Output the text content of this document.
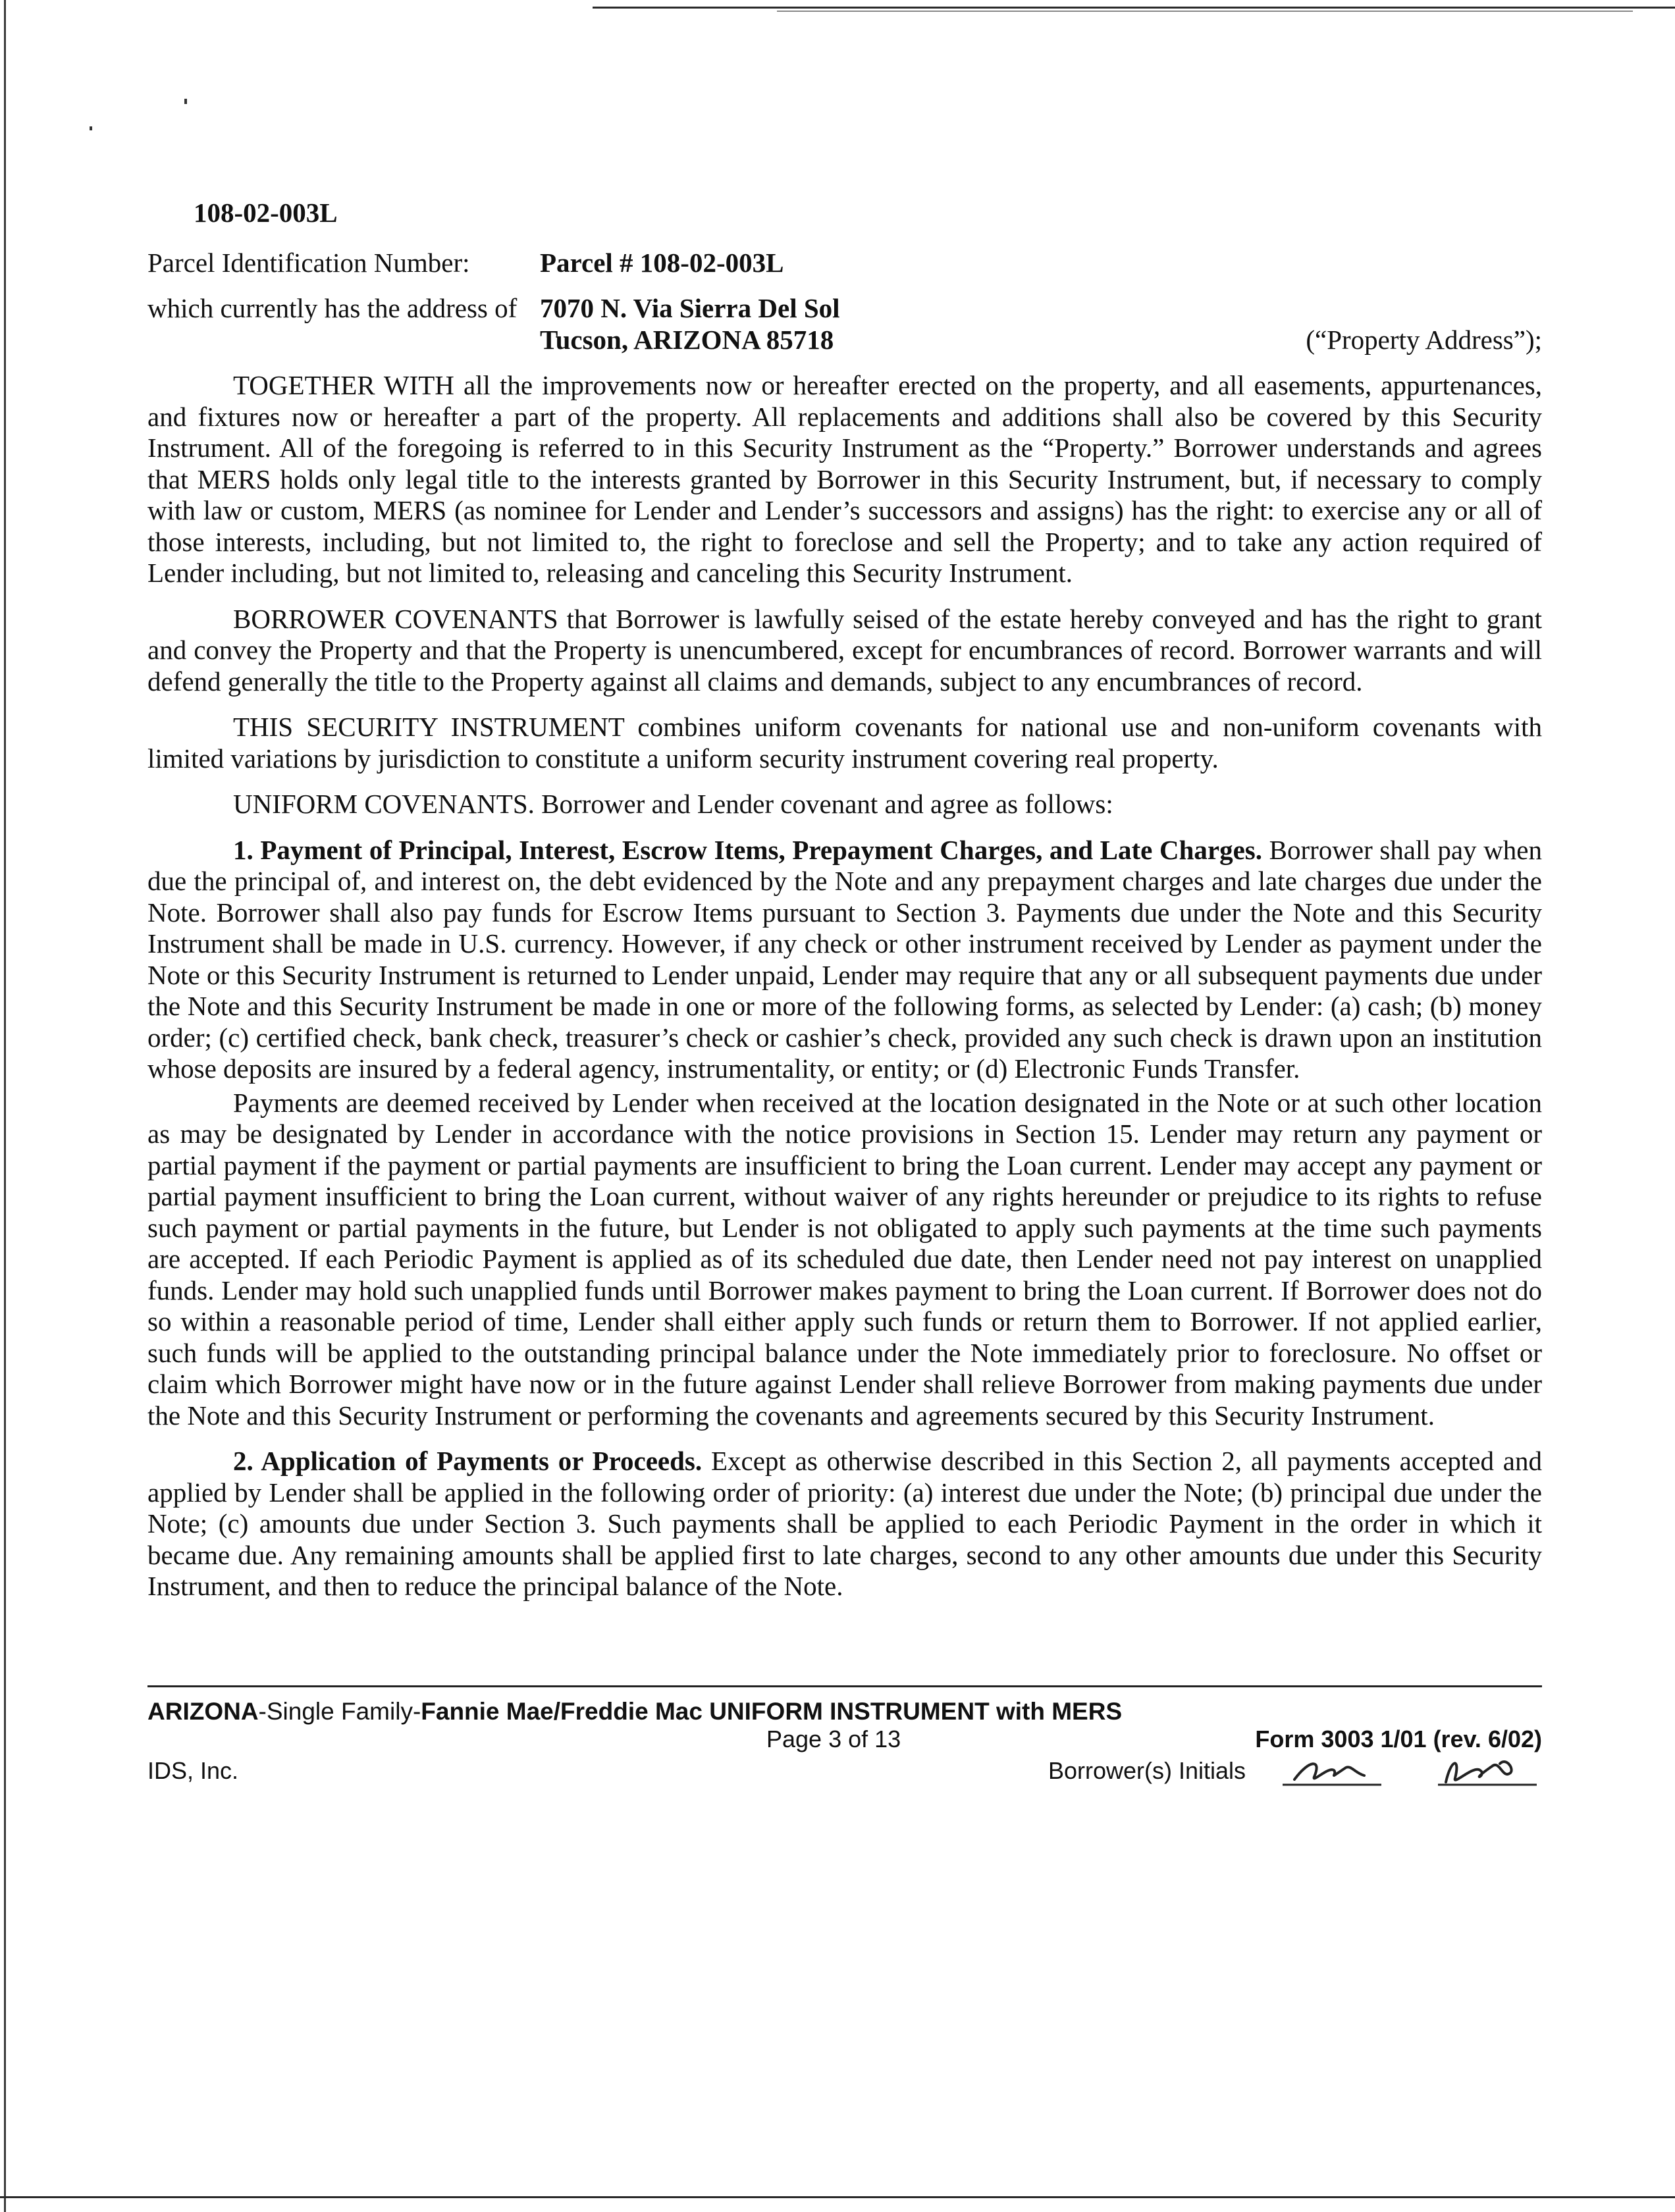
108-02-003L
Parcel Identification Number:	Parcel # 108-02-003L
which currently has the address of 7070 N. Via Sierra Del Sol
Tucson, ARIZONA 85718	(“Property Address”);

TOGETHER WITH all the improvements now or hereafter erected on the property, and all easements, appurtenances, and fixtures now or hereafter a part of the property. All replacements and additions shall also be covered by this Security Instrument. All of the foregoing is referred to in this Security Instrument as the “Property.” Borrower understands and agrees that MERS holds only legal title to the interests granted by Borrower in this Security Instrument, but, if necessary to comply with law or custom, MERS (as nominee for Lender and Lender’s successors and assigns) has the right: to exercise any or all of those interests, including, but not limited to, the right to foreclose and sell the Property; and to take any action required of Lender including, but not limited to, releasing and canceling this Security Instrument.

BORROWER COVENANTS that Borrower is lawfully seised of the estate hereby conveyed and has the right to grant and convey the Property and that the Property is unencumbered, except for encumbrances of record. Borrower warrants and will defend generally the title to the Property against all claims and demands, subject to any encumbrances of record.

THIS SECURITY INSTRUMENT combines uniform covenants for national use and non-uniform covenants with limited variations by jurisdiction to constitute a uniform security instrument covering real property.

UNIFORM COVENANTS. Borrower and Lender covenant and agree as follows:

1. Payment of Principal, Interest, Escrow Items, Prepayment Charges, and Late Charges. Borrower shall pay when due the principal of, and interest on, the debt evidenced by the Note and any prepayment charges and late charges due under the Note. Borrower shall also pay funds for Escrow Items pursuant to Section 3. Payments due under the Note and this Security Instrument shall be made in U.S. currency. However, if any check or other instrument received by Lender as payment under the Note or this Security Instrument is returned to Lender unpaid, Lender may require that any or all subsequent payments due under the Note and this Security Instrument be made in one or more of the following forms, as selected by Lender: (a) cash; (b) money order; (c) certified check, bank check, treasurer’s check or cashier’s check, provided any such check is drawn upon an institution whose deposits are insured by a federal agency, instrumentality, or entity; or (d) Electronic Funds Transfer.

Payments are deemed received by Lender when received at the location designated in the Note or at such other location as may be designated by Lender in accordance with the notice provisions in Section 15. Lender may return any payment or partial payment if the payment or partial payments are insufficient to bring the Loan current. Lender may accept any payment or partial payment insufficient to bring the Loan current, without waiver of any rights hereunder or prejudice to its rights to refuse such payment or partial payments in the future, but Lender is not obligated to apply such payments at the time such payments are accepted. If each Periodic Payment is applied as of its scheduled due date, then Lender need not pay interest on unapplied funds. Lender may hold such unapplied funds until Borrower makes payment to bring the Loan current. If Borrower does not do so within a reasonable period of time, Lender shall either apply such funds or return them to Borrower. If not applied earlier, such funds will be applied to the outstanding principal balance under the Note immediately prior to foreclosure. No offset or claim which Borrower might have now or in the future against Lender shall relieve Borrower from making payments due under the Note and this Security Instrument or performing the covenants and agreements secured by this Security Instrument.

2. Application of Payments or Proceeds. Except as otherwise described in this Section 2, all payments accepted and applied by Lender shall be applied in the following order of priority: (a) interest due under the Note; (b) principal due under the Note; (c) amounts due under Section 3. Such payments shall be applied to each Periodic Payment in the order in which it became due. Any remaining amounts shall be applied first to late charges, second to any other amounts due under this Security Instrument, and then to reduce the principal balance of the Note.

ARIZONA-Single Family-Fannie Mae/Freddie Mac UNIFORM INSTRUMENT with MERS
Page 3 of 13	Form 3003 1/01 (rev. 6/02)
IDS, Inc.	Borrower(s) Initials
